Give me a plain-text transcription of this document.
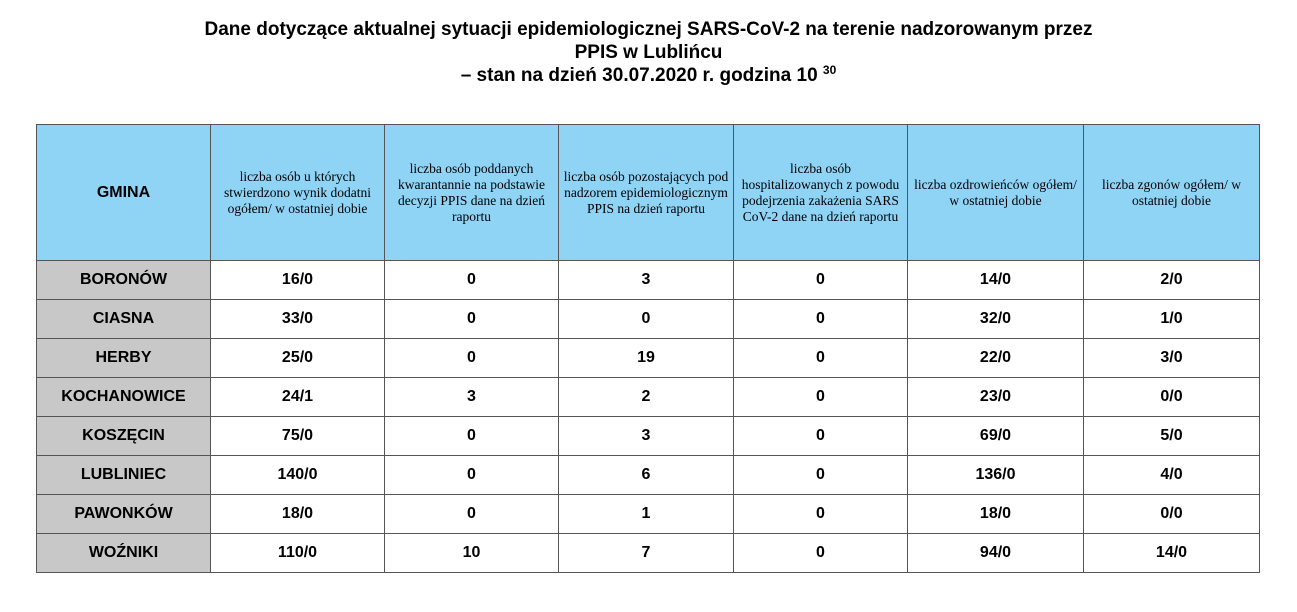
Dane dotyczące aktualnej sytuacji epidemiologicznej SARS-CoV-2 na terenie nadzorowanym przez
PPIS w Lublińcu
– stan na dzień 30.07.2020 r. godzina 10 $^{30}$
GMINA	liczba osób u których stwierdzono wynik dodatni ogółem/ w ostatniej dobie	liczba osób poddanych kwarantannie na podstawie decyzji PPIS dane na dzień raportu	liczba osób pozostających pod nadzorem epidemiologicznym PPIS na dzień raportu	liczba osób hospitalizowanych z powodu podejrzenia zakażenia SARS CoV-2 dane na dzień raportu	liczba ozdrowieńców ogółem/ w ostatniej dobie	liczba zgonów ogółem/ w ostatniej dobie
BORONÓW	16/0	0	3	0	14/0	2/0
CIASNA	33/0	0	0	0	32/0	1/0
HERBY	25/0	0	19	0	22/0	3/0
KOCHANOWICE	24/1	3	2	0	23/0	0/0
KOSZĘCIN	75/0	0	3	0	69/0	5/0
LUBLINIEC	140/0	0	6	0	136/0	4/0
PAWONKÓW	18/0	0	1	0	18/0	0/0
WOŹNIKI	110/0	10	7	0	94/0	14/0
